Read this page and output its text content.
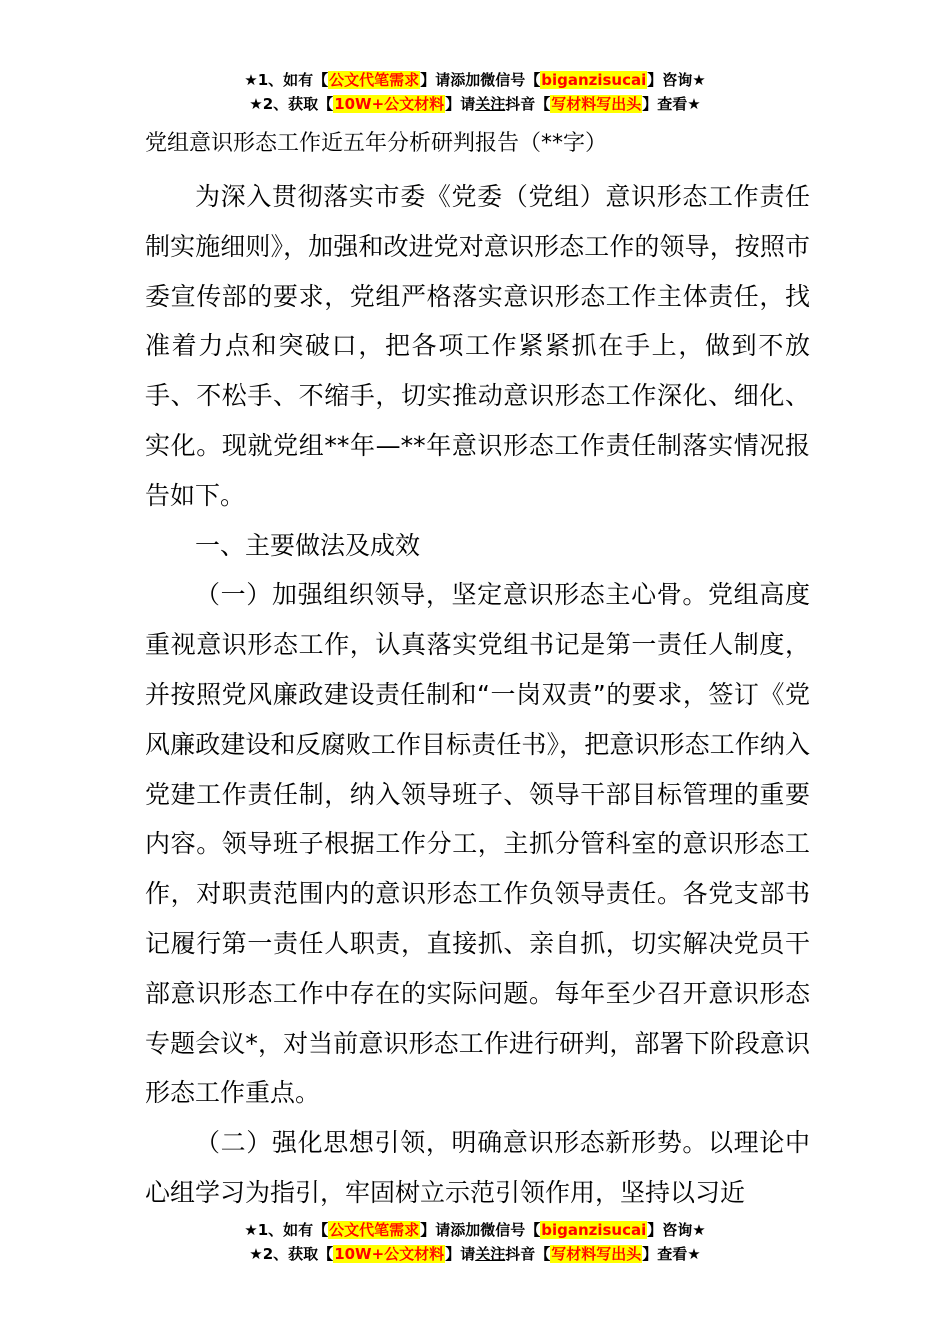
★1、如有【公文代笔需求】请添加微信号【biganzisucai】咨询★
★2、获取【10W+公文材料】请关注抖音【写材料写出头】查看★
党组意识形态工作近五年分析研判报告（**字）

为深入贯彻落实市委《党委（党组）意识形态工作责任制实施细则》，加强和改进党对意识形态工作的领导，按照市委宣传部的要求，党组严格落实意识形态工作主体责任，找准着力点和突破口，把各项工作紧紧抓在手上，做到不放手、不松手、不缩手，切实推动意识形态工作深化、细化、实化。现就党组**年—**年意识形态工作责任制落实情况报告如下。

一、主要做法及成效

（一）加强组织领导，坚定意识形态主心骨。党组高度重视意识形态工作，认真落实党组书记是第一责任人制度，并按照党风廉政建设责任制和“一岗双责”的要求，签订《党风廉政建设和反腐败工作目标责任书》，把意识形态工作纳入党建工作责任制，纳入领导班子、领导干部目标管理的重要内容。领导班子根据工作分工，主抓分管科室的意识形态工作，对职责范围内的意识形态工作负领导责任。各党支部书记履行第一责任人职责，直接抓、亲自抓，切实解决党员干部意识形态工作中存在的实际问题。每年至少召开意识形态专题会议*，对当前意识形态工作进行研判，部署下阶段意识形态工作重点。

（二）强化思想引领，明确意识形态新形势。以理论中心组学习为指引，牢固树立示范引领作用，坚持以习近

★1、如有【公文代笔需求】请添加微信号【biganzisucai】咨询★
★2、获取【10W+公文材料】请关注抖音【写材料写出头】查看★
